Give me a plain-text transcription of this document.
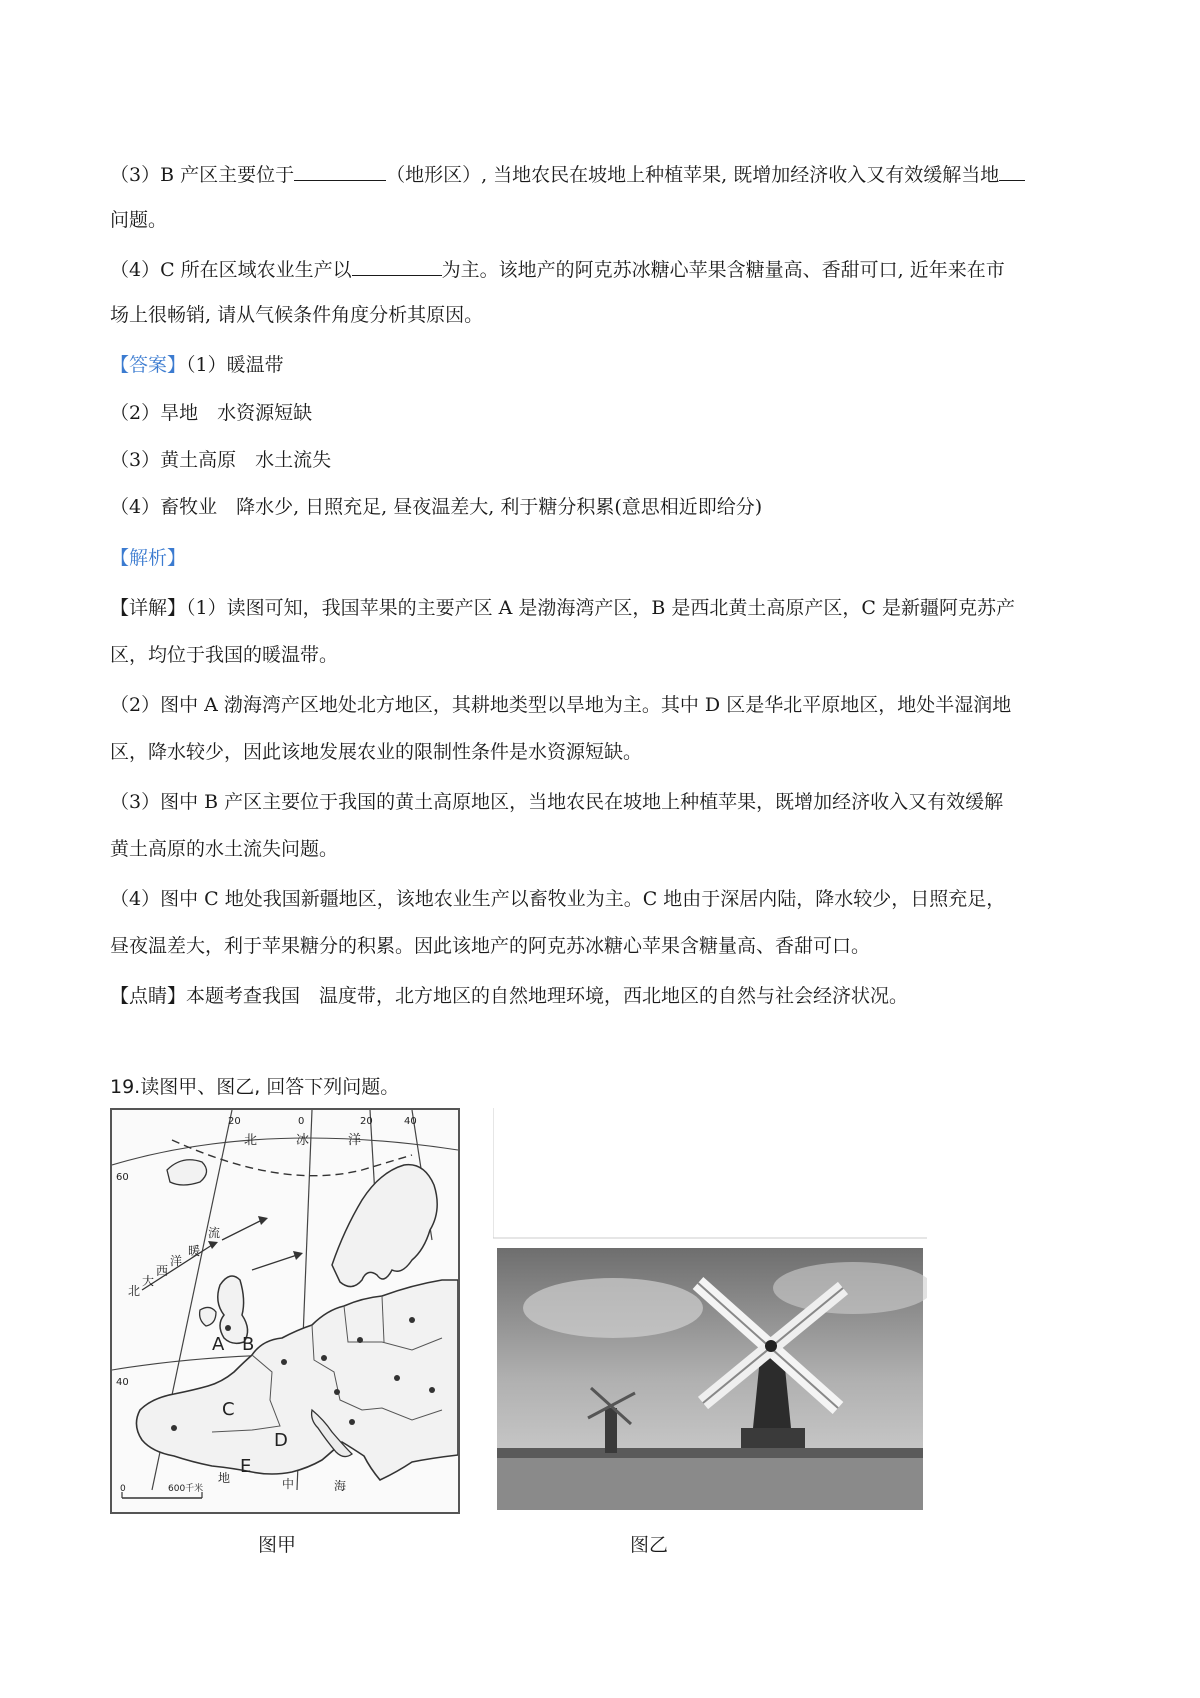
（3）B 产区主要位于	（地形区）, 当地农民在坡地上种植苹果, 既增加经济收入又有效缓解当地
问题。
（4）C 所在区域农业生产以	为主。该地产的阿克苏冰糖心苹果含糖量高、香甜可口, 近年来在市
场上很畅销, 请从气候条件角度分析其原因。
【答案】（1）暖温带
（2）旱地　水资源短缺
（3）黄土高原　水土流失
（4）畜牧业　降水少, 日照充足, 昼夜温差大, 利于糖分积累(意思相近即给分)
【解析】
【详解】（1）读图可知，我国苹果的主要产区 A 是渤海湾产区，B 是西北黄土高原产区，C 是新疆阿克苏产
区，均位于我国的暖温带。
（2）图中 A 渤海湾产区地处北方地区，其耕地类型以旱地为主。其中 D 区是华北平原地区，地处半湿润地
区，降水较少，因此该地发展农业的限制性条件是水资源短缺。
（3）图中 B 产区主要位于我国的黄土高原地区，当地农民在坡地上种植苹果，既增加经济收入又有效缓解
黄土高原的水土流失问题。
（4）图中 C 地处我国新疆地区，该地农业生产以畜牧业为主。C 地由于深居内陆，降水较少，日照充足，
昼夜温差大，利于苹果糖分的积累。因此该地产的阿克苏冰糖心苹果含糖量高、香甜可口。
【点睛】本题考查我国　温度带，北方地区的自然地理环境，西北地区的自然与社会经济状况。
19.读图甲、图乙, 回答下列问题。
20	0	20	40
60
40
北	冰	洋
北
大
西
洋
暖
流
A B
C
D
E
地	中	海
0	600千米
图甲	图乙
